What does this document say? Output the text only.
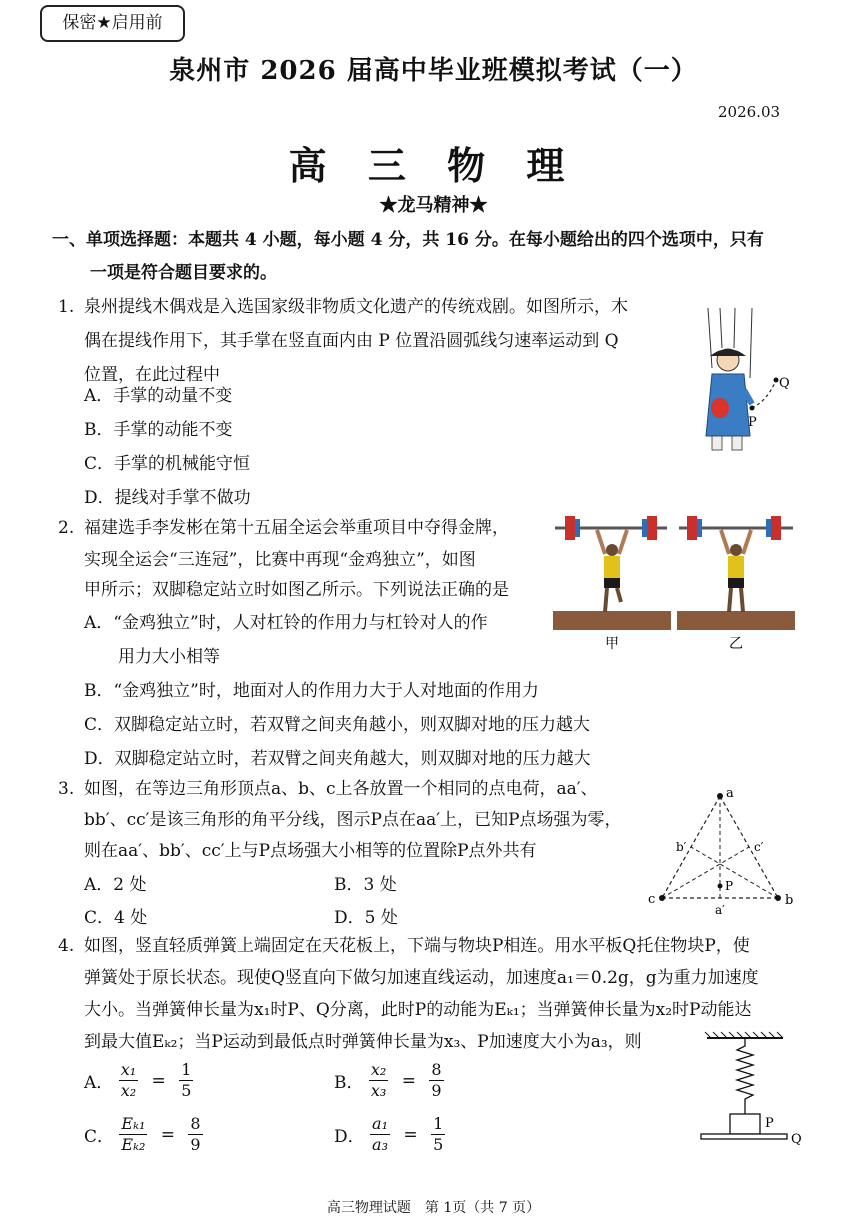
保密★启用前
泉州市 2026 届高中毕业班模拟考试（一）
2026.03
高 三 物 理
★龙马精神★
一、单项选择题：本题共 4 小题，每小题 4 分，共 16 分。在每小题给出的四个选项中，只有
一项是符合题目要求的。
1. 泉州提线木偶戏是入选国家级非物质文化遗产的传统戏剧。如图所示，木
偶在提线作用下，其手掌在竖直面内由 P 位置沿圆弧线匀速率运动到 Q
位置，在此过程中
A．手掌的动量不变
B．手掌的动能不变
C．手掌的机械能守恒
D．提线对手掌不做功
P
Q
2. 福建选手李发彬在第十五届全运会举重项目中夺得金牌，
实现全运会“三连冠”，比赛中再现“金鸡独立”，如图
甲所示；双脚稳定站立时如图乙所示。下列说法正确的是
A．“金鸡独立”时，人对杠铃的作用力与杠铃对人的作
用力大小相等
B．“金鸡独立”时，地面对人的作用力大于人对地面的作用力
C．双脚稳定站立时，若双臂之间夹角越小，则双脚对地的压力越大
D．双脚稳定站立时，若双臂之间夹角越大，则双脚对地的压力越大
甲	乙
3. 如图，在等边三角形顶点a、b、c上各放置一个相同的点电荷，aa′、
bb′、cc′是该三角形的角平分线，图示P点在aa′上，已知P点场强为零，
则在aa′、bb′、cc′上与P点场强大小相等的位置除P点外共有
A．2 处	B．3 处
C．4 处	D．5 处
a
b
c
a′
b′	c′
P
4. 如图，竖直轻质弹簧上端固定在天花板上，下端与物块P相连。用水平板Q托住物块P，使
弹簧处于原长状态。现使Q竖直向下做匀加速直线运动，加速度a₁＝0.2g，g为重力加速度
大小。当弹簧伸长量为x₁时P、Q分离，此时P的动能为Eₖ₁；当弹簧伸长量为x₂时P动能达
到最大值Eₖ₂；当P运动到最低点时弹簧伸长量为x₃、P加速度大小为a₃，则
A． $\frac{\text{x₁}}{\text{x₂}} = \frac{1}{5}$	B． $\frac{\text{x₂}}{\text{x₃}} = \frac{8}{9}$
C． $\frac{\text{Eₖ₁}}{\text{Eₖ₂}} = \frac{8}{9}$	D． $\frac{\text{a₁}}{\text{a₃}} = \frac{1}{5}$	P
Q
高三物理试题　第 1页（共 7 页）
